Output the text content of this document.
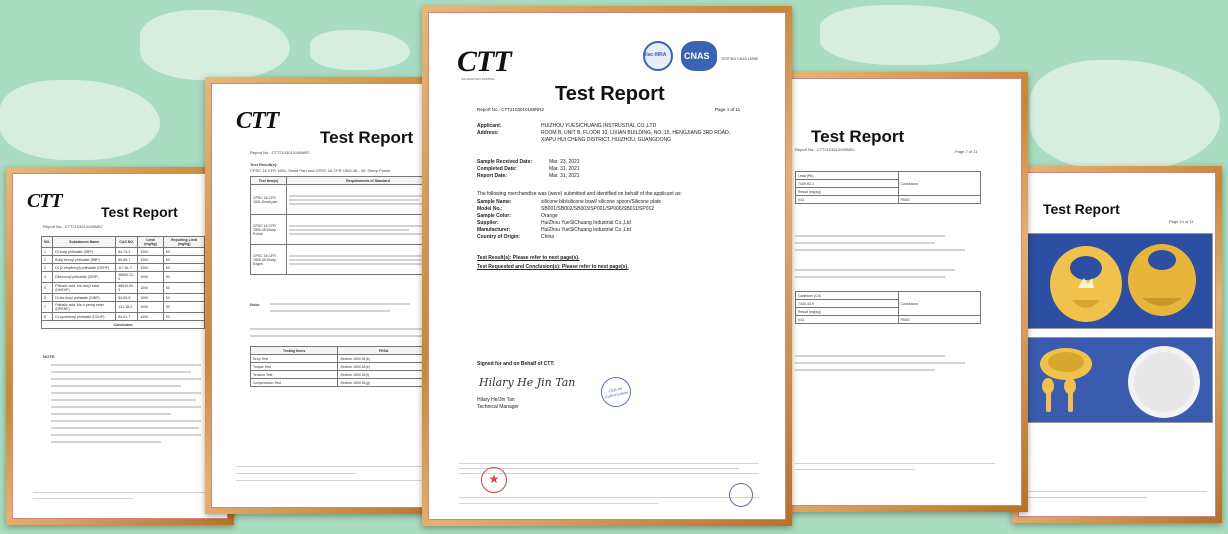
CTT	Test Report
Report No.: CTT2103010198NR2
NO.	Substances Name	CAS NO.	Limit (mg/kg)	Reporting Limit (mg/kg)	
1	Di-butyl phthalate (DBP)	84-74-2	1000	50	
2	Butyl benzyl phthalate (BBP)	85-68-7	1000	50	
3	Di-(2-ethylhexyl) phthalate (DEHP)	117-81-7	1000	50	
4	Diisononyl phthalate (DINP)	28553-12-0	1000	50	
5	Phthalic acid, bis-hexyl ester (DHEXP)	68515-50-4	1000	50	
6	Di-iso-butyl phthalate (DIBP)	84-69-5	1000	50	
7	Phthalic acid, bis-n-pentyl ester (DPENP)	131-18-0	1000	50	
8	Di-cyclohexyl phthalate (DCHP)	84-61-7	1000	50	
Conclusion	
NOTE:
CTT
Test Report
Report No.: CTT2103010198NR2
Test Result(s):
CPSC 16 CFR 1501: Small Part and CPSC 16 CFR 1500.48 - 49: Sharp Points
Test Item(s)	Requirements of Standard
CPSC 16 CFR 1501:Small part	

CPSC 16 CFR 1500.48:Sharp Points	

CPSC 16 CFR 1500.49:Sharp Edges	
Note:
Testing Items	FHSA
Drop Test	Section 1500.51(b)
Torque Test	Section 1500.51(e)
Tension Test	Section 1500.51(f)
Compression Test	Section 1500.51(g)
Test Report
Page 10 of 11
Test Report
Report No.: CTT2103010198NR2	Page 7 of 11
Lead (Pb)	Conclusion
7439-92-1	
Result (mg/kg)	
N.D.	PASS
Cadmium (Cd)	Conclusion
7440-43-9	
Result (mg/kg)	
N.D.	PASS
CTT
CHUANGTIAN TESTING
ilac-MRA CNAS	TESTING CNAS L5098
Test Report
Report No.: CTT2103010198NR2	Page 1 of 11
Applicant:	HUIZHOU YUESICHUANG INSTRUSTIAL CO.,LTD
Address:	ROOM B, UNIT B, FLOOR 10, LIXIAN BUILDING, NO. 15, HENGJIANG 3RD ROAD,
XIAPU HUI CHENG DISTRICT, HUIZHOU, GUANGDONG
Sample Received Date:	Mar. 23, 2021
Completed Date:	Mar. 31, 2021
Report Date:	Mar. 31, 2021
The following merchandise was (were) submitted and identified on behalf of the applicant as:
Sample Name:	silicone bib/silicone bowl/ silicone spoon/Silicone plate
Model No.:	SB001/SB002/SB003/SP001/SP006/SB011/SP012
Sample Color:	Orange
Supplier:	HuiZhou YueSiChuang Industrial Co.,Ltd
Manufacturer:	HuiZhou YueSiChuang Industrial Co.,Ltd
Country of Origin:	China
Test Result(s): Please refer to next page(s).
Test Requested and Conclusion(s): Please refer to next page(s).
Signed for and on Behalf of CTT:
Hilary He Jin Tan
Club for Authorization
Hilary He/Jin Tan
Technical Manager
★
